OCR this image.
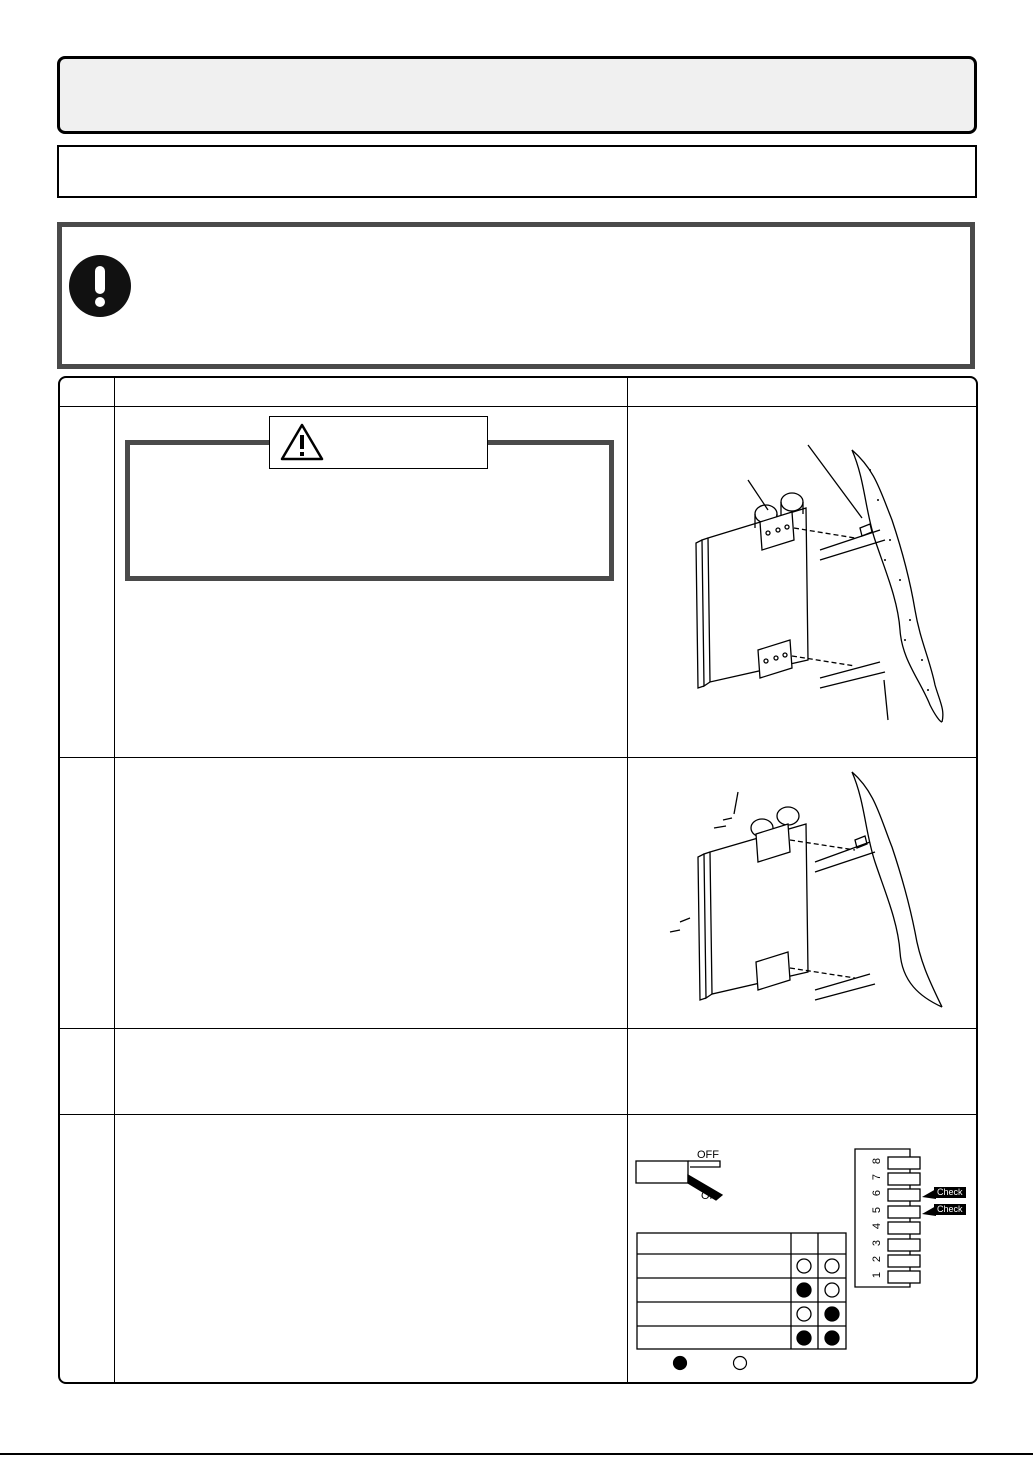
OFF
ON	Check
Check
8
7
6
5
4
3
2
1
